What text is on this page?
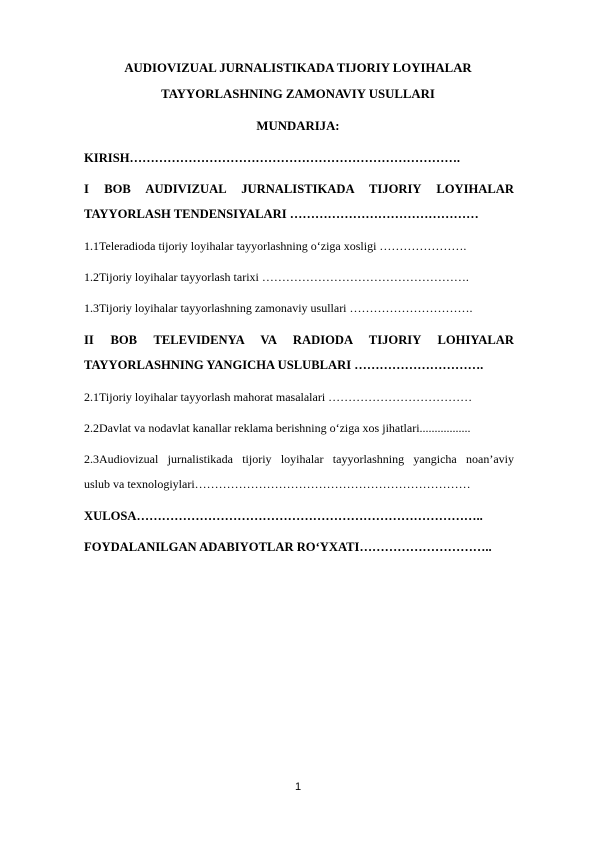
AUDIOVIZUAL JURNALISTIKADA TIJORIY LOYIHALAR
TAYYORLASHNING ZAMONAVIY USULLARI
MUNDARIJA:
KIRISH…………………………………………………………………….
I BOB AUDIVIZUAL JURNALISTIKADA TIJORIY LOYIHALAR
TAYYORLASH TENDENSIYALARI ………………………………………
1.1Teleradioda tijoriy loyihalar tayyorlashning o‘ziga xosligi ………………….
1.2Tijoriy loyihalar tayyorlash tarixi …………………………………………….
1.3Tijoriy loyihalar tayyorlashning zamonaviy usullari ………………………….
II BOB TELEVIDENYA VA RADIODA TIJORIY LOHIYALAR
TAYYORLASHNING YANGICHA USLUBLARI ………………………….
2.1Tijoriy loyihalar tayyorlash mahorat masalalari ………………………………
2.2Davlat va nodavlat kanallar reklama berishning o‘ziga xos jihatlari.................
2.3Audiovizual jurnalistikada tijoriy loyihalar tayyorlashning yangicha noan’aviy
uslub va texnologiylari……………………………………………………………
XULOSA………………………………………………………………………..
FOYDALANILGAN ADABIYOTLAR RO‘YXATI…………………………..
1
